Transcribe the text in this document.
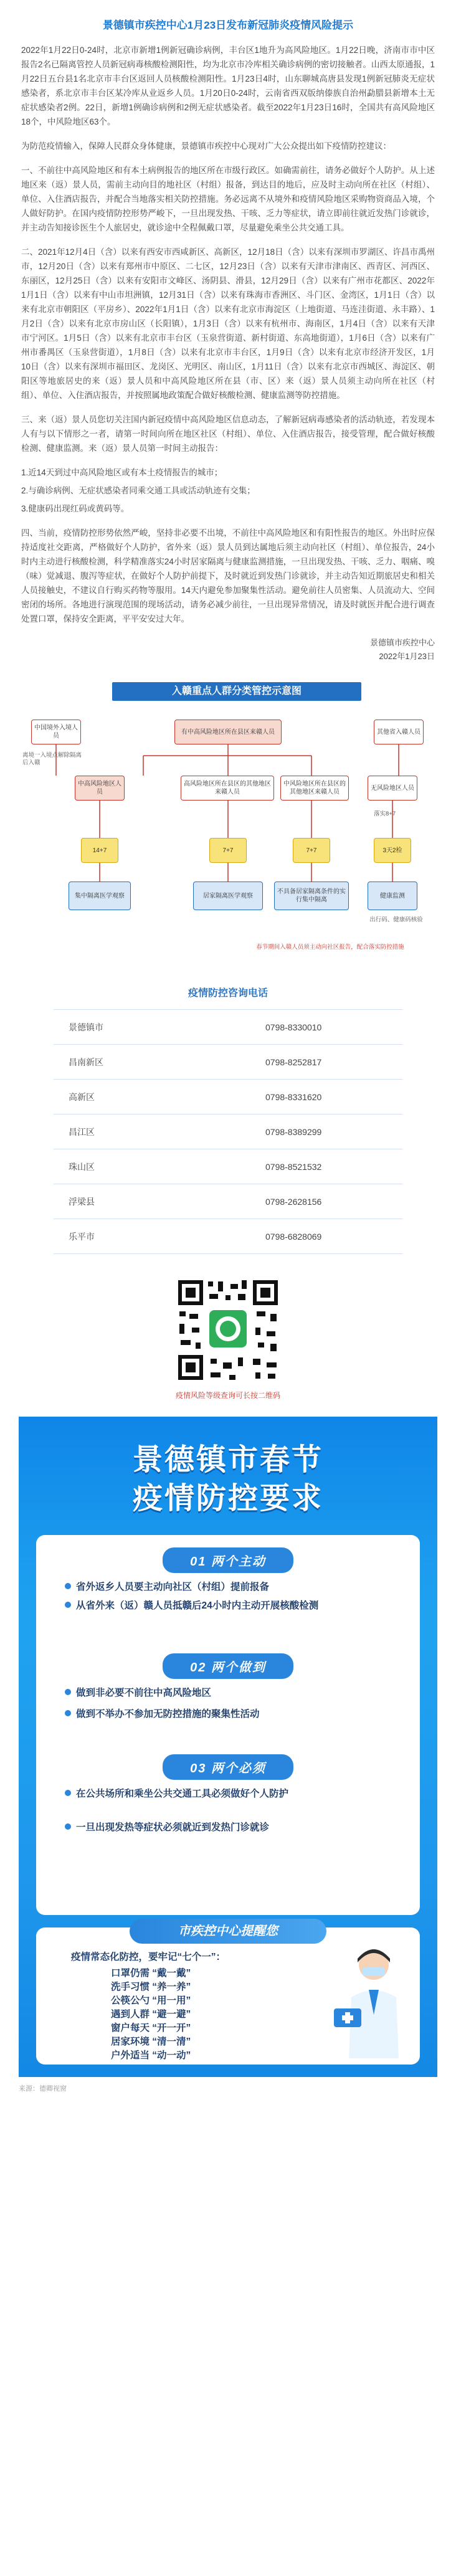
景德镇市疾控中心1月23日发布新冠肺炎疫情风险提示

2022年1月22日0-24时，北京市新增1例新冠确诊病例，丰台区1地升为高风险地区。1月22日晚，济南市市中区报告2名已隔离管控人员新冠病毒核酸检测阳性，均为北京市冷库相关确诊病例的密切接触者。山西太原通报，1月22日五台县1名北京市丰台区返回人员核酸检测阳性。1月23日4时，山东聊城高唐县发现1例新冠肺炎无症状感染者，系北京市丰台区某冷库从业返乡人员。1月20日0-24时，云南省西双版纳傣族自治州勐腊县新增本土无症状感染者2例。22日，新增1例确诊病例和2例无症状感染者。截至2022年1月23日16时，全国共有高风险地区18个，中风险地区63个。

为防范疫情输入，保障人民群众身体健康，景德镇市疾控中心现对广大公众提出如下疫情防控建议：

一、不前往中高风险地区和有本土病例报告的地区所在市级行政区。如确需前往，请务必做好个人防护。从上述地区来（返）景人员，需前主动向目的地社区（村组）报备，到达目的地后，应及时主动向所在社区（村组）、单位、入住酒店报告，并配合当地落实相关防控措施。务必远离不从境外和疫情风险地区采购物资商品入境，个人做好防护。在国内疫情防控形势严峻下，一旦出现发热、干咳、乏力等症状，请立即前往就近发热门诊就诊，并主动告知接诊医生个人旅居史，就诊途中全程佩戴口罩，尽量避免乘坐公共交通工具。

二、2021年12月4日（含）以来有西安市西咸新区、高新区，12月18日（含）以来有深圳市罗湖区、许昌市禹州市，12月20日（含）以来有郑州市中原区、二七区，12月23日（含）以来有天津市津南区、西青区、河西区、东丽区，12月25日（含）以来有安阳市文峰区、汤阴县、滑县，12月29日（含）以来有广州市花都区、2022年1月1日（含）以来有中山市坦洲镇，12月31日（含）以来有珠海市香洲区、斗门区、金湾区，1月1日（含）以来有北京市朝阳区（平房乡）、2022年1月1日（含）以来有北京市海淀区（上地街道、马连洼街道、永丰路）、1月2日（含）以来有北京市房山区（长阳镇），1月3日（含）以来有杭州市、海南区，1月4日（含）以来有天津市宁河区。1月5日（含）以来有北京市丰台区（玉泉营街道、新村街道、东高地街道），1月6日（含）以来有广州市番禺区（玉泉营街道），1月8日（含）以来有北京市丰台区，1月9日（含）以来有北京市经济开发区，1月10日（含）以来有深圳市福田区、龙岗区、光明区、南山区，1月11日（含）以来有北京市西城区、海淀区、朝阳区等地旅居史的来（返）景人员和中高风险地区所在县（市、区）来（返）景人员须主动向所在社区（村组）、单位、入住酒店报告，并按照属地政策配合做好核酸检测、健康监测等防控措施。

三、来（返）景人员您切关注国内新冠疫情中高风险地区信息动态，了解新冠病毒感染者的活动轨迹，若发现本人有与以下情形之一者，请第一时间向所在地区社区（村组）、单位、入住酒店报告，接受管理，配合做好核酸检测、健康监测。来（返）景人员第一时间主动报告：

1.近14天到过中高风险地区或有本土疫情报告的城市；

2.与确诊病例、无症状感染者同乘交通工具或活动轨迹有交集；

3.健康码出现红码或黄码等。

四、当前，疫情防控形势依然严峻，坚持非必要不出境，不前往中高风险地区和有阳性报告的地区。外出时应保持适度社交距离，严格做好个人防护，省外来（返）景人员到达属地后须主动向社区（村组）、单位报告，24小时内主动进行核酸检测，科学精准落实24小时居家隔离与健康监测措施，一旦出现发热、干咳、乏力、咽痛、嗅（味）觉减退、腹泻等症状，在做好个人防护前提下，及时就近到发热门诊就诊，并主动告知近期旅居史和相关人员接触史，不建议自行购买药物等服用。14天内避免参加聚集性活动。避免前往人员密集、人员流动大、空间密闭的场所。各地进行演现范围的现场活动，请务必减少前往，一旦出现异常情况，请及时就医并配合进行调查处置口罩，保持安全距离，平平安安过大年。

景德镇市疾控中心
2022年1月23日
入赣重点人群分类管控示意图
中国境外入境人员
有中高风险地区所在县区来赣人员	其他省入赣人员
离境一入境点解除隔离后入赣
中高风险地区人员
高风险地区所在县区的其他地区来赣人员
中风险地区所在县区的其他地区来赣人员
无风险地区人员
14+7	7+7	7+7	3天2检
落实8+7
集中隔离医学观察	居家隔离医学观察
不具备居家隔离条件的实行集中隔离
健康监测
出行码、健康码核验
春节期间入赣人员须主动向社区报告，配合落实防控措施
疫情防控咨询电话
景德镇市	0798-8330010
昌南新区	0798-8252817
高新区	0798-8331620
昌江区	0798-8389299
珠山区	0798-8521532
浮梁县	0798-2628156
乐平市	0798-6828069
疫情风险等级查询可长按二维码
景德镇市春节
疫情防控要求
01 两个主动
省外返乡人员要主动向社区（村组）提前报备
从省外来（返）赣人员抵赣后24小时内主动开展核酸检测
02 两个做到
做到非必要不前往中高风险地区
做到不举办不参加无防控措施的聚集性活动
03 两个必须
在公共场所和乘坐公共交通工具必须做好个人防护
一旦出现发热等症状必须就近到发热门诊就诊
市疾控中心提醒您
疫情常态化防控，要牢记“七个一”：
口罩仍需 “戴一戴”
洗手习惯 “养一养”
公筷公勺 “用一用”
遇到人群 “避一避”
窗户每天 “开一开”
居家环境 “清一清”
户外适当 “动一动”
来源：德卿视窗
